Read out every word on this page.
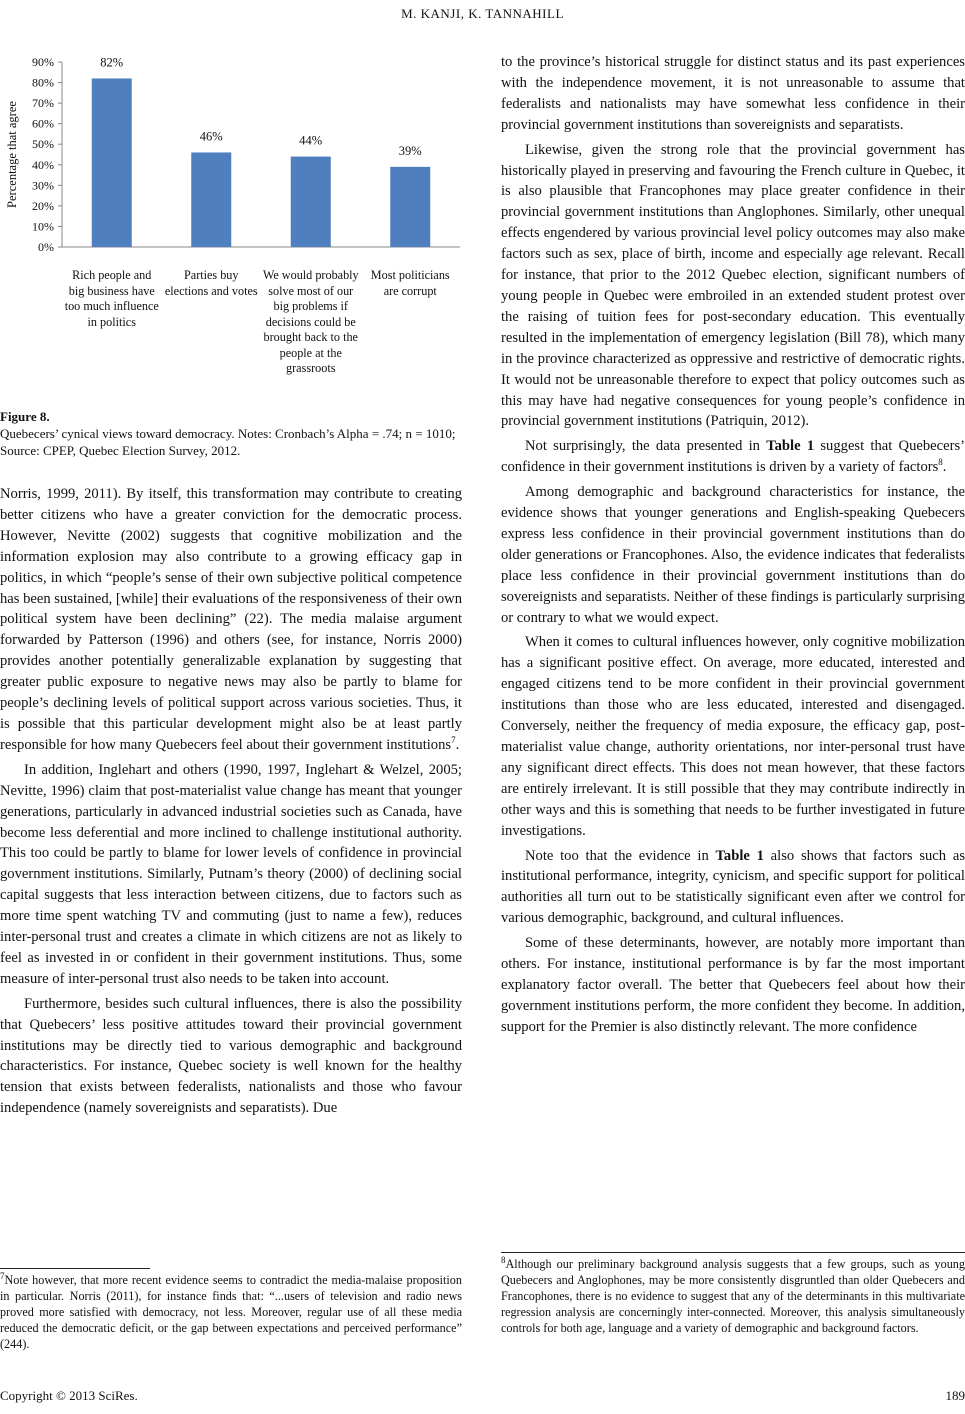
M. KANJI, K. TANNAHILL
Percentage that agree
0%
10%
20%
30%
40%
50%
60%
70%
80%
90%	82%
46%	44%
39%
Rich people and big business have too much influence in politics
Parties buy elections and votes
We would probably solve most of our big problems if decisions could be brought back to the people at the grassroots
Most politicians are corrupt
Figure 8.
Quebecers’ cynical views toward democracy. Notes: Cronbach’s Alpha = .74; n = 1010; Source: CPEP, Quebec Election Survey, 2012.

Norris, 1999, 2011). By itself, this transformation may contribute to creating better citizens who have a greater conviction for the democratic process. However, Nevitte (2002) suggests that cognitive mobilization and the information explosion may also contribute to a growing efficacy gap in politics, in which “people’s sense of their own subjective political competence has been sustained, [while] their evaluations of the responsiveness of their own political system have been declining” (22). The media malaise argument forwarded by Patterson (1996) and others (see, for instance, Norris 2000) provides another potentially generalizable explanation by suggesting that greater public exposure to negative news may also be partly to blame for people’s declining levels of political support across various societies. Thus, it is possible that this particular development might also be at least partly responsible for how many Quebecers feel about their government institutions$^7$.

In addition, Inglehart and others (1990, 1997, Inglehart & Welzel, 2005; Nevitte, 1996) claim that post-materialist value change has meant that younger generations, particularly in advanced industrial societies such as Canada, have become less deferential and more inclined to challenge institutional authority. This too could be partly to blame for lower levels of confidence in provincial government institutions. Similarly, Putnam’s theory (2000) of declining social capital suggests that less interaction between citizens, due to factors such as more time spent watching TV and commuting (just to name a few), reduces inter-personal trust and creates a climate in which citizens are not as likely to feel as invested in or confident in their government institutions. Thus, some measure of inter-personal trust also needs to be taken into account.

Furthermore, besides such cultural influences, there is also the possibility that Quebecers’ less positive attitudes toward their provincial government institutions may be directly tied to various demographic and background characteristics. For instance, Quebec society is well known for the healthy tension that exists between federalists, nationalists and those who favour independence (namely sovereignists and separatists). Due

$^7$Note however, that more recent evidence seems to contradict the media-malaise proposition in particular. Norris (2011), for instance finds that: “...users of television and radio news proved more satisfied with democracy, not less. Moreover, regular use of all these media reduced the democratic deficit, or the gap between expectations and perceived performance” (244).

to the province’s historical struggle for distinct status and its past experiences with the independence movement, it is not unreasonable to assume that federalists and nationalists may have somewhat less confidence in their provincial government institutions than sovereignists and separatists.

Likewise, given the strong role that the provincial government has historically played in preserving and favouring the French culture in Quebec, it is also plausible that Francophones may place greater confidence in their provincial government institutions than Anglophones. Similarly, other unequal effects engendered by various provincial level policy outcomes may also make factors such as sex, place of birth, income and especially age relevant. Recall for instance, that prior to the 2012 Quebec election, significant numbers of young people in Quebec were embroiled in an extended student protest over the raising of tuition fees for post-secondary education. This eventually resulted in the implementation of emergency legislation (Bill 78), which many in the province characterized as oppressive and restrictive of democratic rights. It would not be unreasonable therefore to expect that policy outcomes such as this may have had negative consequences for young people’s confidence in provincial government institutions (Patriquin, 2012).

Not surprisingly, the data presented in Table 1 suggest that Quebecers’ confidence in their government institutions is driven by a variety of factors$^8$.

Among demographic and background characteristics for instance, the evidence shows that younger generations and English-speaking Quebecers express less confidence in their provincial government institutions than do older generations or Francophones. Also, the evidence indicates that federalists place less confidence in their provincial government institutions than do sovereignists and separatists. Neither of these findings is particularly surprising or contrary to what we would expect.

When it comes to cultural influences however, only cognitive mobilization has a significant positive effect. On average, more educated, interested and engaged citizens tend to be more confident in their provincial government institutions than those who are less educated, interested and disengaged. Conversely, neither the frequency of media exposure, the efficacy gap, post-materialist value change, authority orientations, nor inter-personal trust have any significant direct effects. This does not mean however, that these factors are entirely irrelevant. It is still possible that they may contribute indirectly in other ways and this is something that needs to be further investigated in future investigations.

Note too that the evidence in Table 1 also shows that factors such as institutional performance, integrity, cynicism, and specific support for political authorities all turn out to be statistically significant even after we control for various demographic, background, and cultural influences.

Some of these determinants, however, are notably more important than others. For instance, institutional performance is by far the most important explanatory factor overall. The better that Quebecers feel about how their government institutions perform, the more confident they become. In addition, support for the Premier is also distinctly relevant. The more confidence

$^8$Although our preliminary background analysis suggests that a few groups, such as young Quebecers and Anglophones, may be more consistently disgruntled than older Quebecers and Francophones, there is no evidence to suggest that any of the determinants in this multivariate regression analysis are concerningly inter-connected. Moreover, this analysis simultaneously controls for both age, language and a variety of demographic and background factors.
Copyright © 2013 SciRes.	189
